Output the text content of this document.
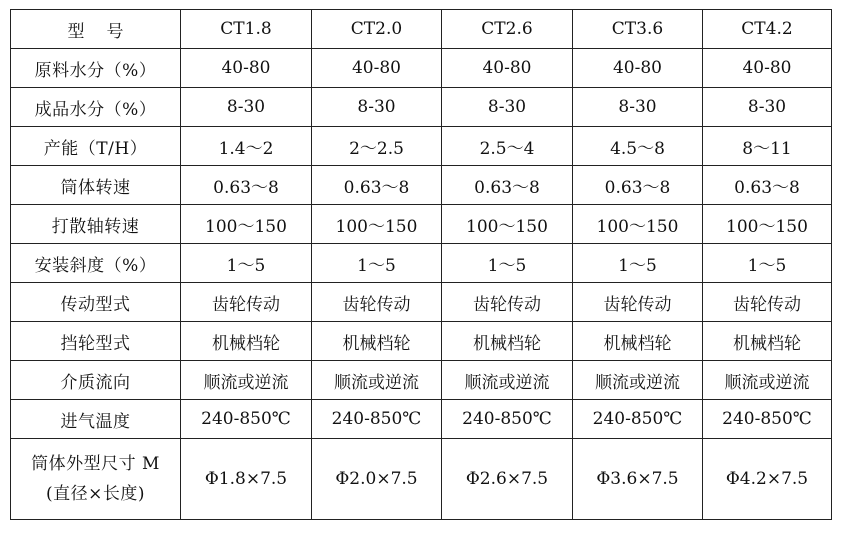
型号	CT1.8	CT2.0	CT2.6	CT3.6	CT4.2
原料水分（%）	40-80	40-80	40-80	40-80	40-80
成品水分（%）	8-30	8-30	8-30	8-30	8-30
产能（T/H）	1.4～2	2～2.5	2.5～4	4.5～8	8～11
筒体转速	0.63～8	0.63～8	0.63～8	0.63～8	0.63～8
打散轴转速	100～150	100～150	100～150	100～150	100～150
安装斜度（%）	1～5	1～5	1～5	1～5	1～5
传动型式	齿轮传动	齿轮传动	齿轮传动	齿轮传动	齿轮传动
挡轮型式	机械档轮	机械档轮	机械档轮	机械档轮	机械档轮
介质流向	顺流或逆流	顺流或逆流	顺流或逆流	顺流或逆流	顺流或逆流
进气温度	240-850℃	240-850℃	240-850℃	240-850℃	240-850℃

筒体外型尺寸 M
(直径×长度)	Φ1.8×7.5	Φ2.0×7.5	Φ2.6×7.5	Φ3.6×7.5	Φ4.2×7.5
